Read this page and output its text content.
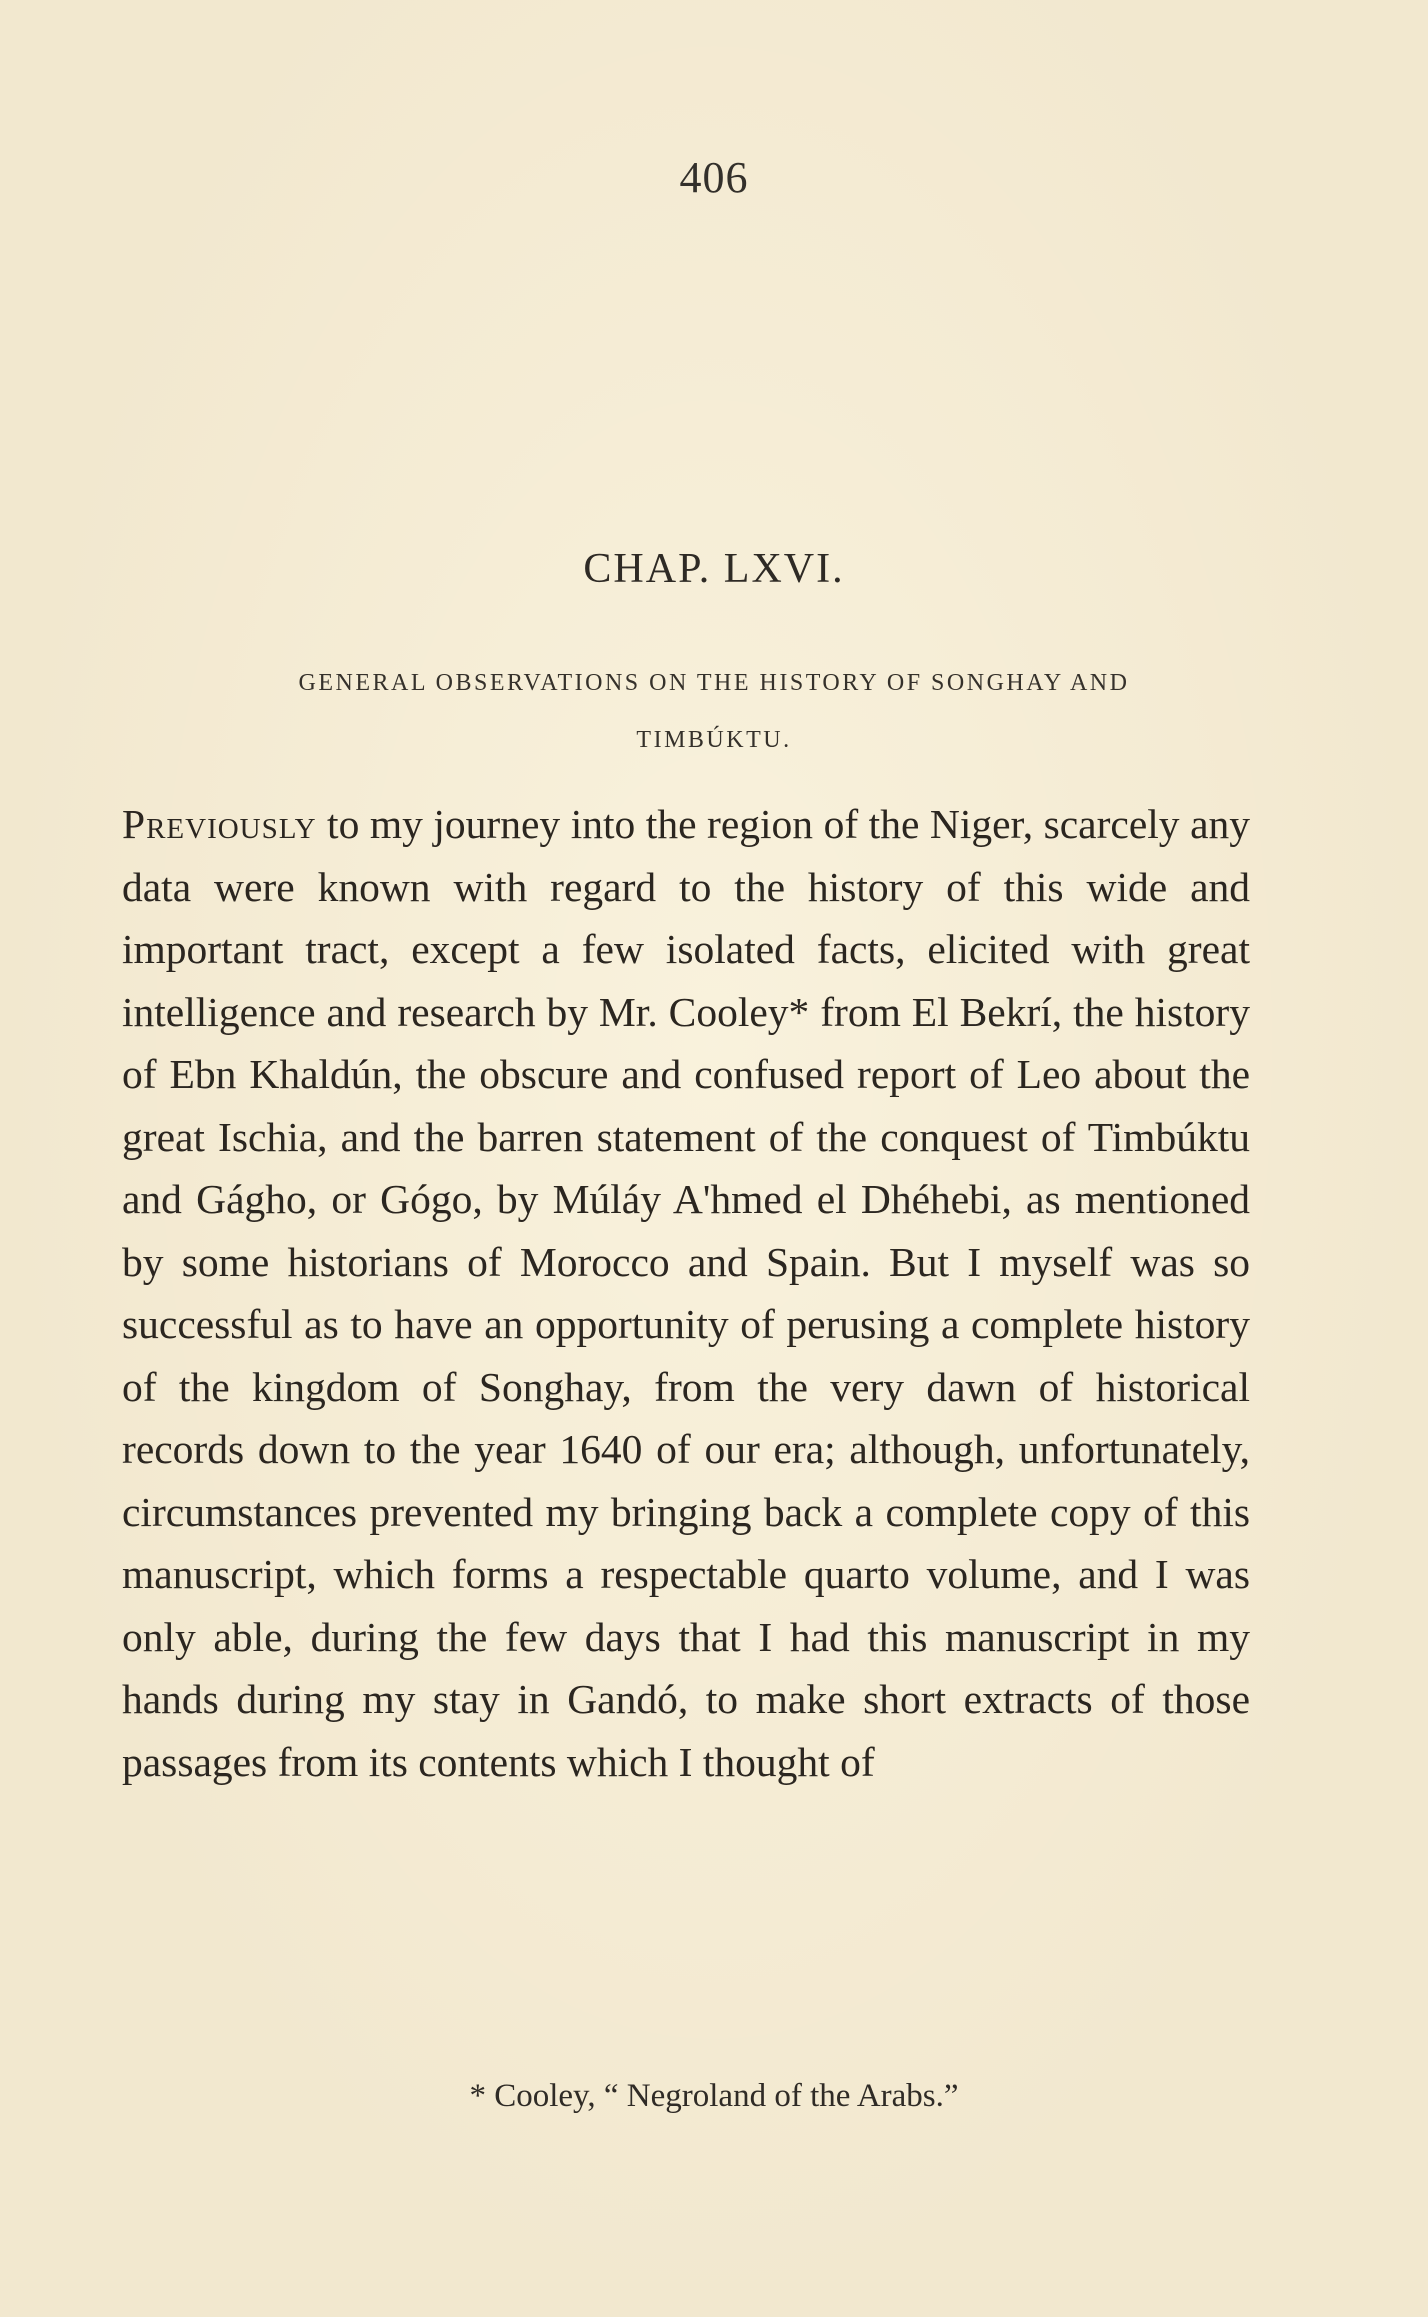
406
CHAP. LXVI.
GENERAL OBSERVATIONS ON THE HISTORY OF SONGHAY AND
TIMBÚKTU.
Previously to my journey into the region of the Niger, scarcely any data were known with regard to the history of this wide and important tract, except a few isolated facts, elicited with great intelligence and research by Mr. Cooley* from El Bekrí, the history of Ebn Khaldún, the obscure and confused report of Leo about the great Ischia, and the barren statement of the conquest of Timbúktu and Gágho, or Gógo, by Múláy A'hmed el Dhéhebi, as mentioned by some historians of Morocco and Spain. But I myself was so successful as to have an opportunity of perusing a complete history of the kingdom of Songhay, from the very dawn of historical records down to the year 1640 of our era; although, unfortunately, circumstances prevented my bringing back a complete copy of this manuscript, which forms a respectable quarto volume, and I was only able, during the few days that I had this manuscript in my hands during my stay in Gandó, to make short extracts of those passages from its contents which I thought of
* Cooley, “ Negroland of the Arabs.”
